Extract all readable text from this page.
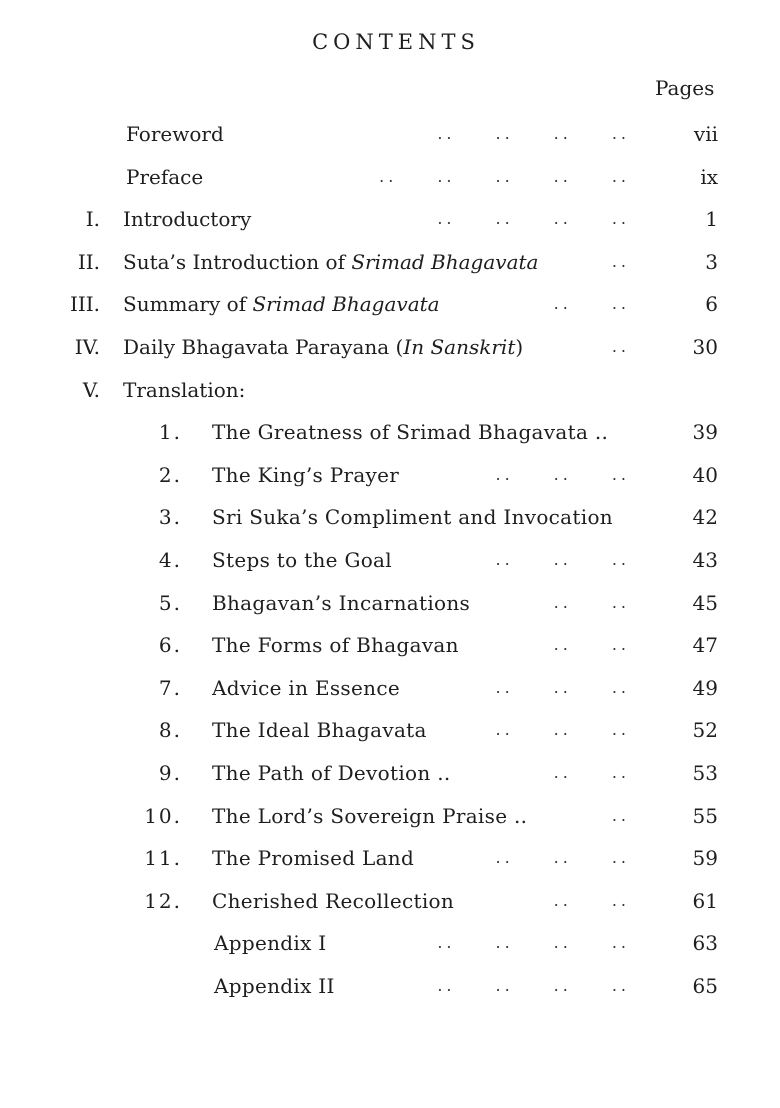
CONTENTS
Pages
Foreword	..  ..  ..  ..	vii
Preface	..  ..  ..  ..  ..	ix
I. Introductory	..  ..  ..  ..	1
II. Suta’s Introduction of Srimad Bhagavata	..	3
III. Summary of Srimad Bhagavata	..  ..	6
IV. Daily Bhagavata Parayana (In Sanskrit)	..	30
V. Translation:
1. The Greatness of Srimad Bhagavata ..	39
2. The King’s Prayer	..  ..  ..	40
3. Sri Suka’s Compliment and Invocation	42
4. Steps to the Goal	..  ..  ..	43
5. Bhagavan’s Incarnations	..  ..	45
6. The Forms of Bhagavan	..  ..	47
7. Advice in Essence	..  ..  ..	49
8. The Ideal Bhagavata	..  ..  ..	52
9. The Path of Devotion ..	..  ..	53
10. The Lord’s Sovereign Praise ..	..	55
11. The Promised Land	..  ..  ..	59
12. Cherished Recollection	..  ..	61
Appendix I	..  ..  ..  ..	63
Appendix II	..  ..  ..  ..	65
